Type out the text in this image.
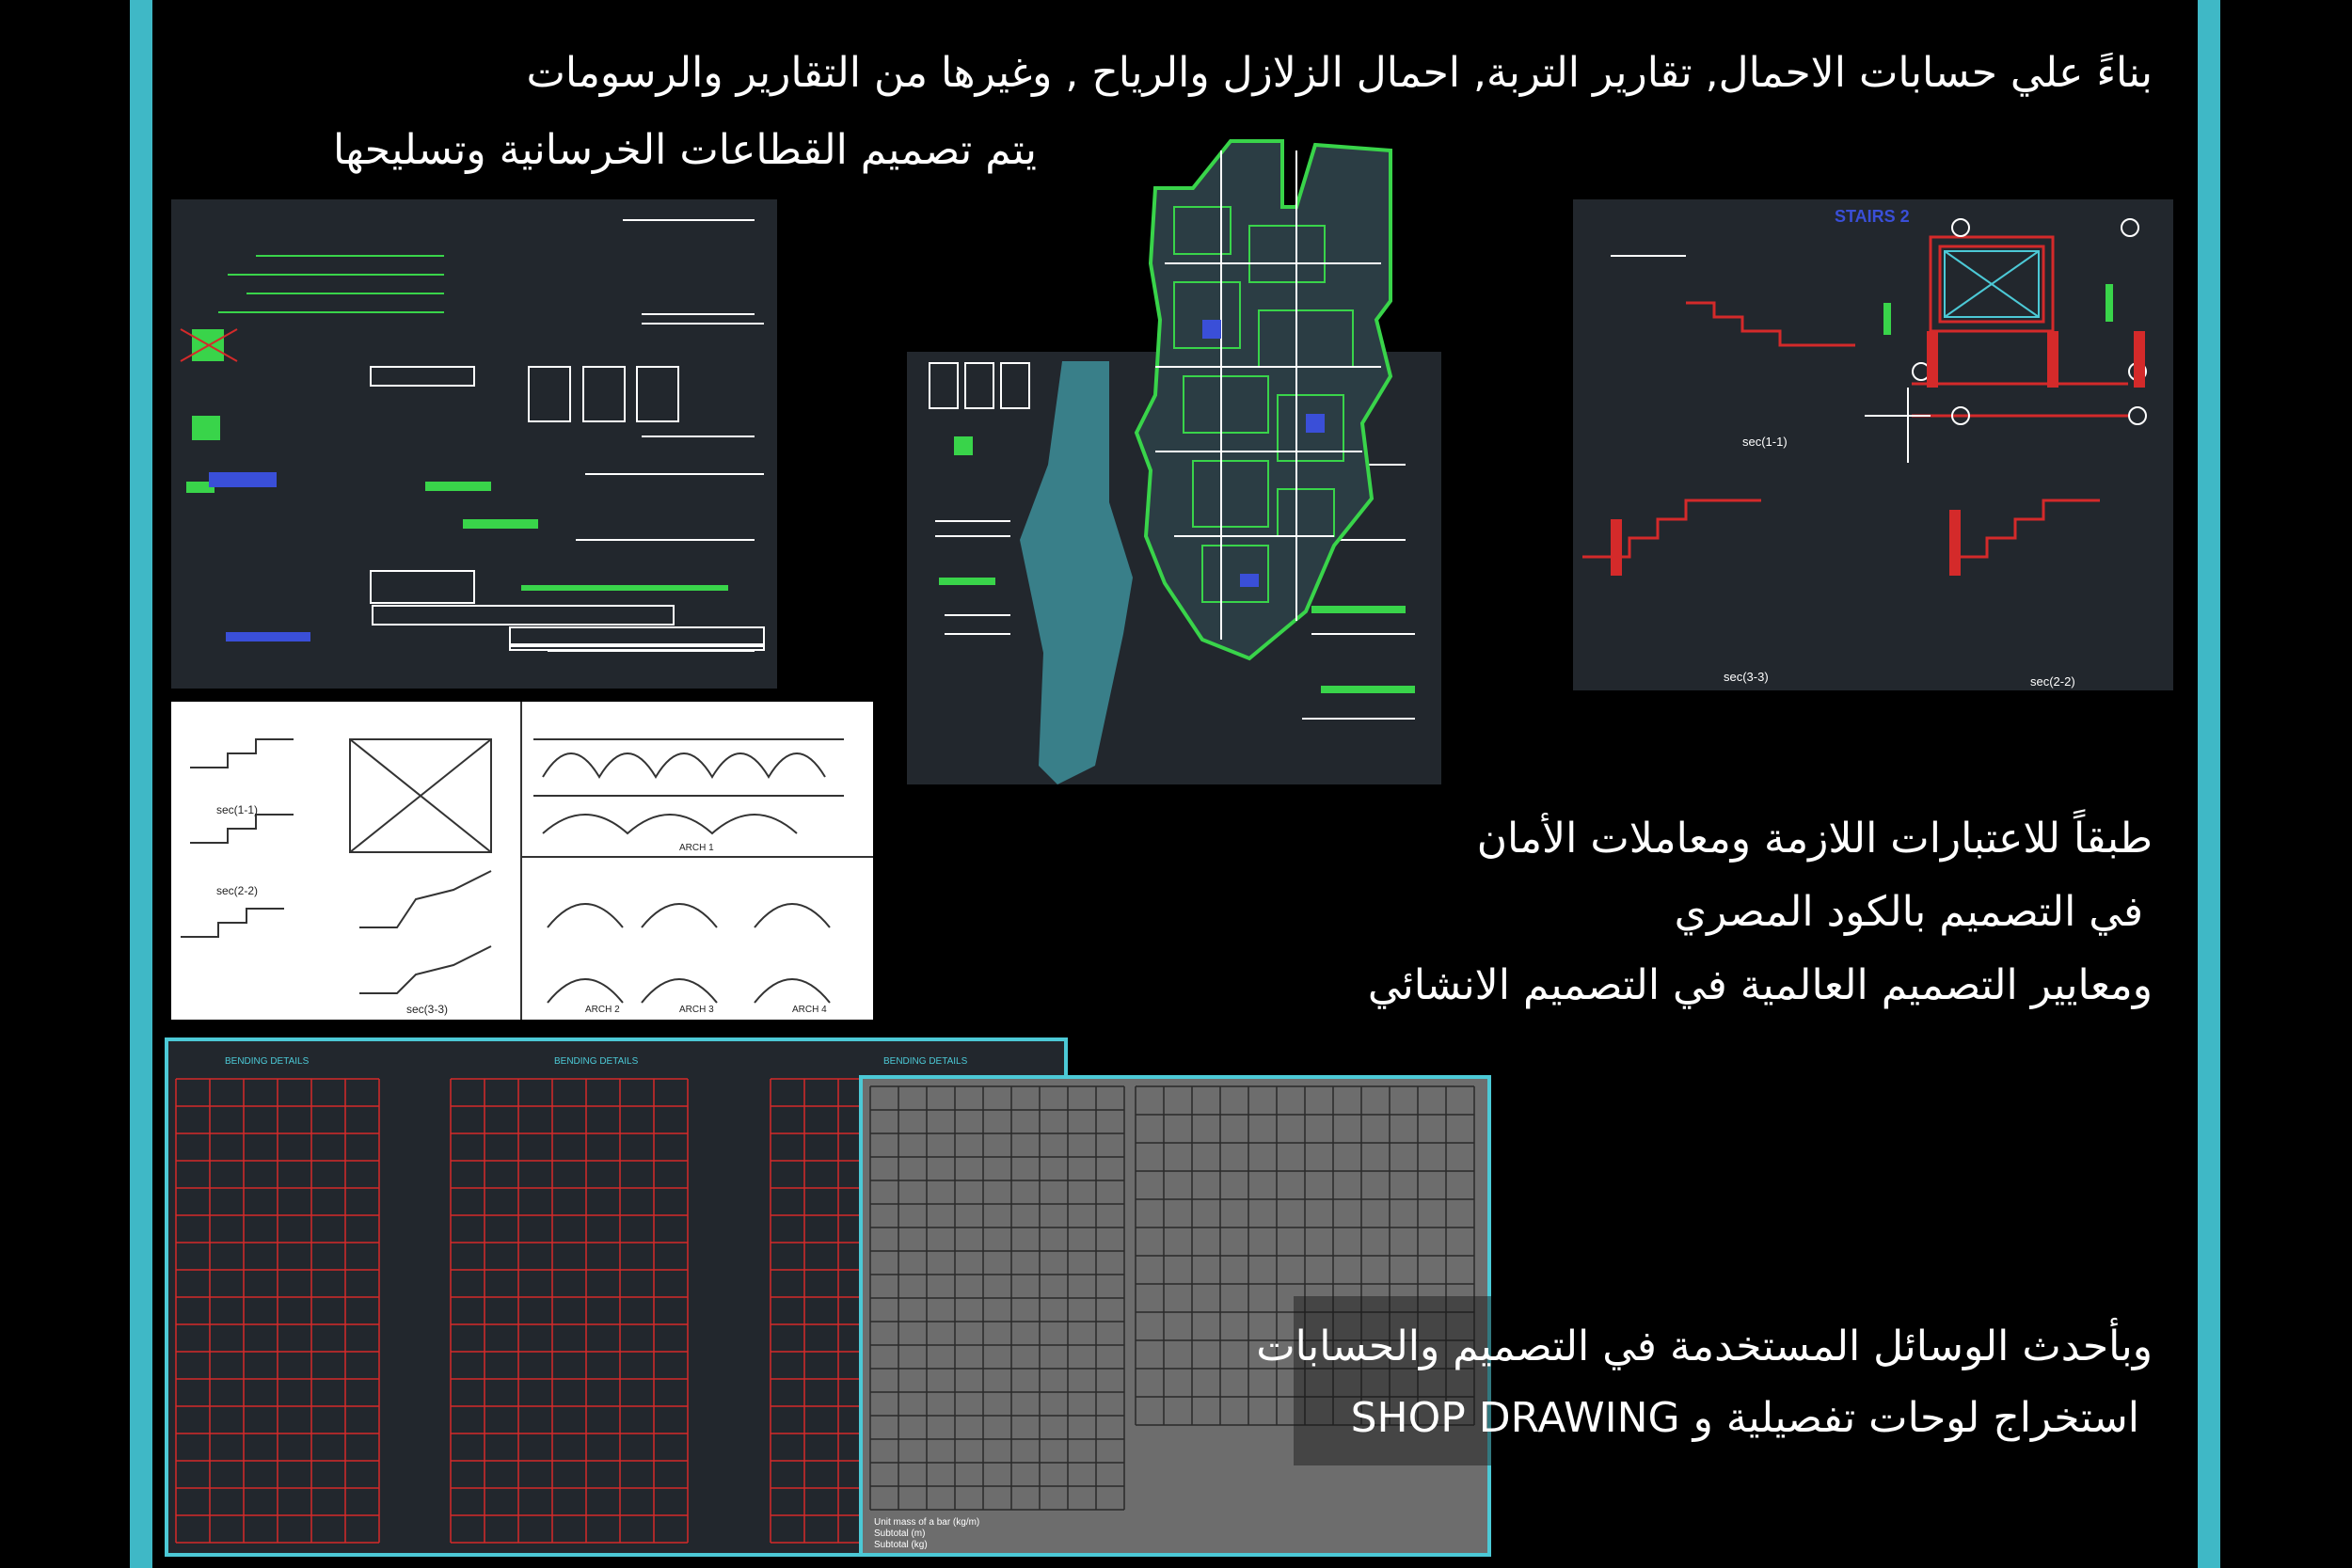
بناءً علي حسابات الاحمال, تقارير التربة, احمال الزلازل والرياح , وغيرها من التقارير والرسومات
يتم تصميم القطاعات الخرسانية وتسليحها
STAIRS 2
sec(1-1)
sec(3-3)	sec(2-2)
sec(1-1)
sec(2-2)
sec(3-3)
ARCH 1
ARCH 2	ARCH 3	ARCH 4
طبقاً للاعتبارات اللازمة ومعاملات الأمان
في التصميم بالكود المصري
ومعايير التصميم العالمية في التصميم الانشائي
BENDING DETAILS	BENDING DETAILS	BENDING DETAILS
Unit mass of a bar (kg/m)
Subtotal (m)
Subtotal (kg)
وبأحدث الوسائل المستخدمة في التصميم والحسابات
استخراج لوحات تفصيلية و SHOP DRAWING
